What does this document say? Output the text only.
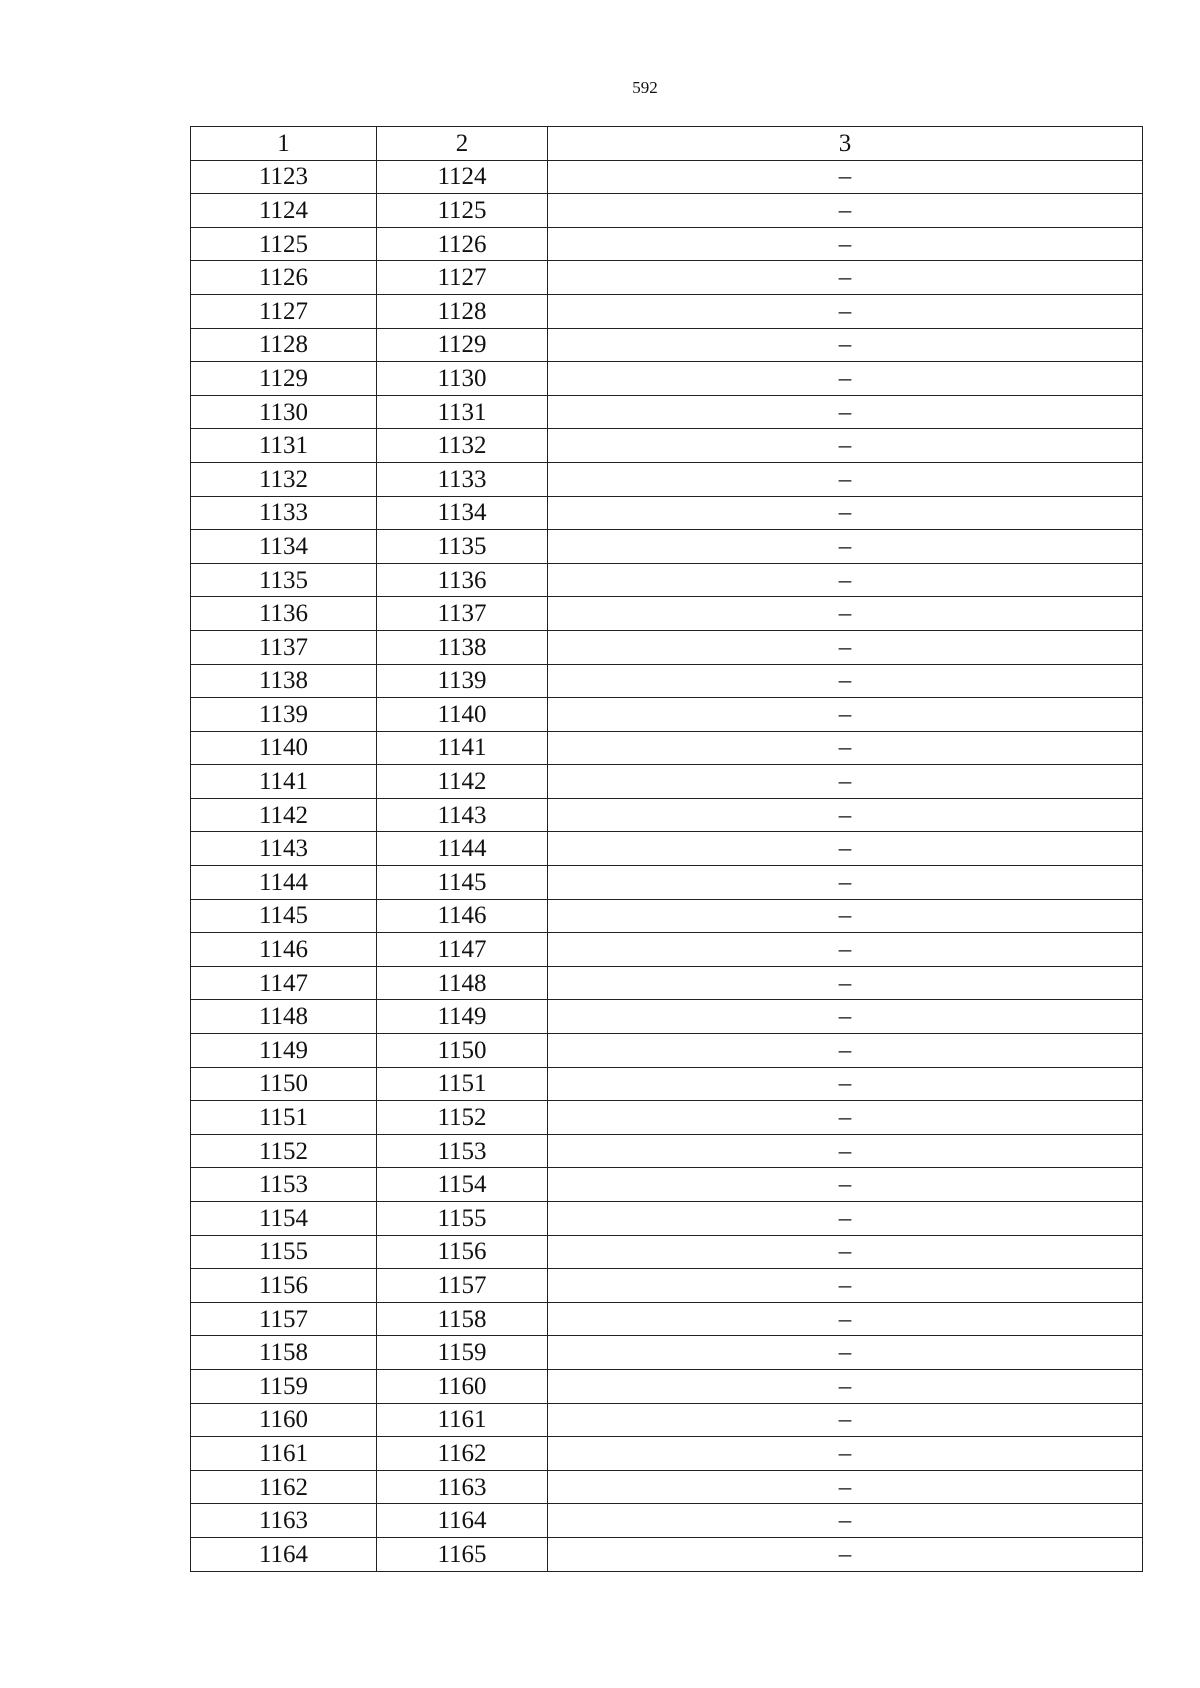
592
1	2	3
1123	1124	–
1124	1125	–
1125	1126	–
1126	1127	–
1127	1128	–
1128	1129	–
1129	1130	–
1130	1131	–
1131	1132	–
1132	1133	–
1133	1134	–
1134	1135	–
1135	1136	–
1136	1137	–
1137	1138	–
1138	1139	–
1139	1140	–
1140	1141	–
1141	1142	–
1142	1143	–
1143	1144	–
1144	1145	–
1145	1146	–
1146	1147	–
1147	1148	–
1148	1149	–
1149	1150	–
1150	1151	–
1151	1152	–
1152	1153	–
1153	1154	–
1154	1155	–
1155	1156	–
1156	1157	–
1157	1158	–
1158	1159	–
1159	1160	–
1160	1161	–
1161	1162	–
1162	1163	–
1163	1164	–
1164	1165	–
